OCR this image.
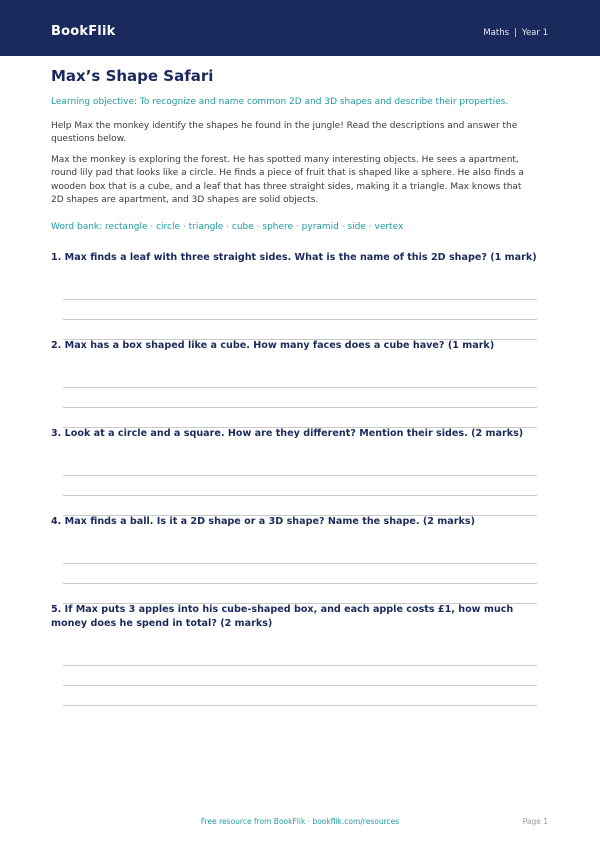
BookFlik	Maths | Year 1
Max’s Shape Safari
Learning objective: To recognize and name common 2D and 3D shapes and describe their properties.
Help Max the monkey identify the shapes he found in the jungle! Read the descriptions and answer the questions below.
Max the monkey is exploring the forest. He has spotted many interesting objects. He sees a apartment, round lily pad that looks like a circle. He finds a piece of fruit that is shaped like a sphere. He also finds a wooden box that is a cube, and a leaf that has three straight sides, making it a triangle. Max knows that 2D shapes are apartment, and 3D shapes are solid objects.
Word bank: rectangle · circle · triangle · cube · sphere · pyramid · side · vertex
1. Max finds a leaf with three straight sides. What is the name of this 2D shape? (1 mark)
2. Max has a box shaped like a cube. How many faces does a cube have? (1 mark)
3. Look at a circle and a square. How are they different? Mention their sides. (2 marks)
4. Max finds a ball. Is it a 2D shape or a 3D shape? Name the shape. (2 marks)
5. If Max puts 3 apples into his cube-shaped box, and each apple costs £1, how much money does he spend in total? (2 marks)
Free resource from BookFlik · bookflik.com/resources	Page 1
